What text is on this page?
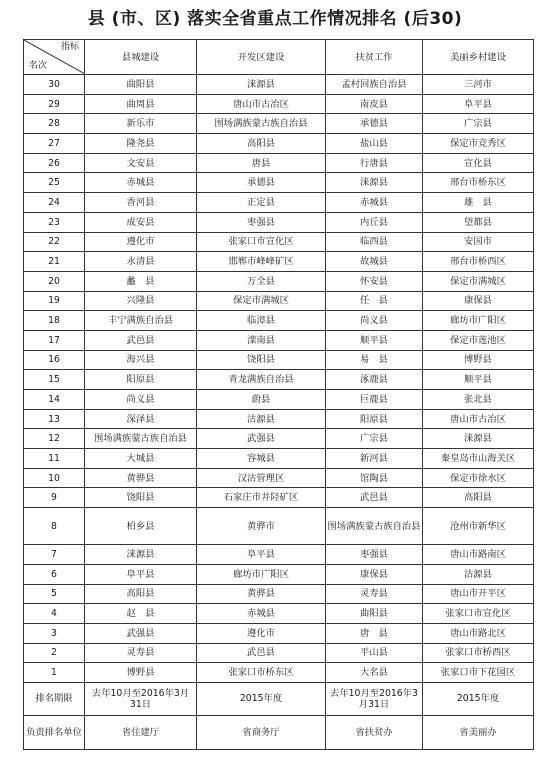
县 (市、区) 落实全省重点工作情况排名 (后30)
指标
名次	县城建设	开发区建设	扶贫工作	美丽乡村建设
30	曲阳县	涞源县	孟村回族自治县	三河市
29	曲周县	唐山市古冶区	南皮县	阜平县
28	新乐市	围场满族蒙古族自治县	承德县	广宗县
27	隆尧县	高阳县	盐山县	保定市竞秀区
26	文安县	唐县	行唐县	宣化县
25	赤城县	承德县	涞源县	邢台市桥东区
24	香河县	正定县	赤城县	雄　县
23	成安县	枣强县	内丘县	望都县
22	遵化市	张家口市宣化区	临西县	安国市
21	永清县	邯郸市峰峰矿区	故城县	邢台市桥西区
20	蠡　县	万全县	怀安县	保定市满城区
19	兴隆县	保定市满城区	任　县	康保县
18	丰宁满族自治县	临漳县	尚义县	廊坊市广阳区
17	武邑县	滦南县	顺平县	保定市莲池区
16	海兴县	饶阳县	易　县	博野县
15	阳原县	青龙满族自治县	涿鹿县	顺平县
14	尚义县	蔚县	巨鹿县	张北县
13	深泽县	沽源县	阳原县	唐山市古冶区
12	围场满族蒙古族自治县	武强县	广宗县	涞源县
11	大城县	容城县	新河县	秦皇岛市山海关区
10	黄骅县	汉沽管理区	馆陶县	保定市徐水区
9	饶阳县	石家庄市井陉矿区	武邑县	高阳县
8	柏乡县	黄骅市	围场满族蒙古族自治县	沧州市新华区
7	涞源县	阜平县	枣强县	唐山市路南区
6	阜平县	廊坊市广阳区	康保县	沽源县
5	高阳县	黄骅县	灵寿县	唐山市开平区
4	赵　县	赤城县	曲阳县	张家口市宣化区
3	武强县	遵化市	唐　县	唐山市路北区
2	灵寿县	武邑县	平山县	张家口市桥西区
1	博野县	张家口市桥东区	大名县	张家口市下花园区
排名期限	去年10月至2016年3月31日	2015年度	去年10月至2016年3月31日	2015年度
负责排名单位	省住建厅	省商务厅	省扶贫办	省美丽办
